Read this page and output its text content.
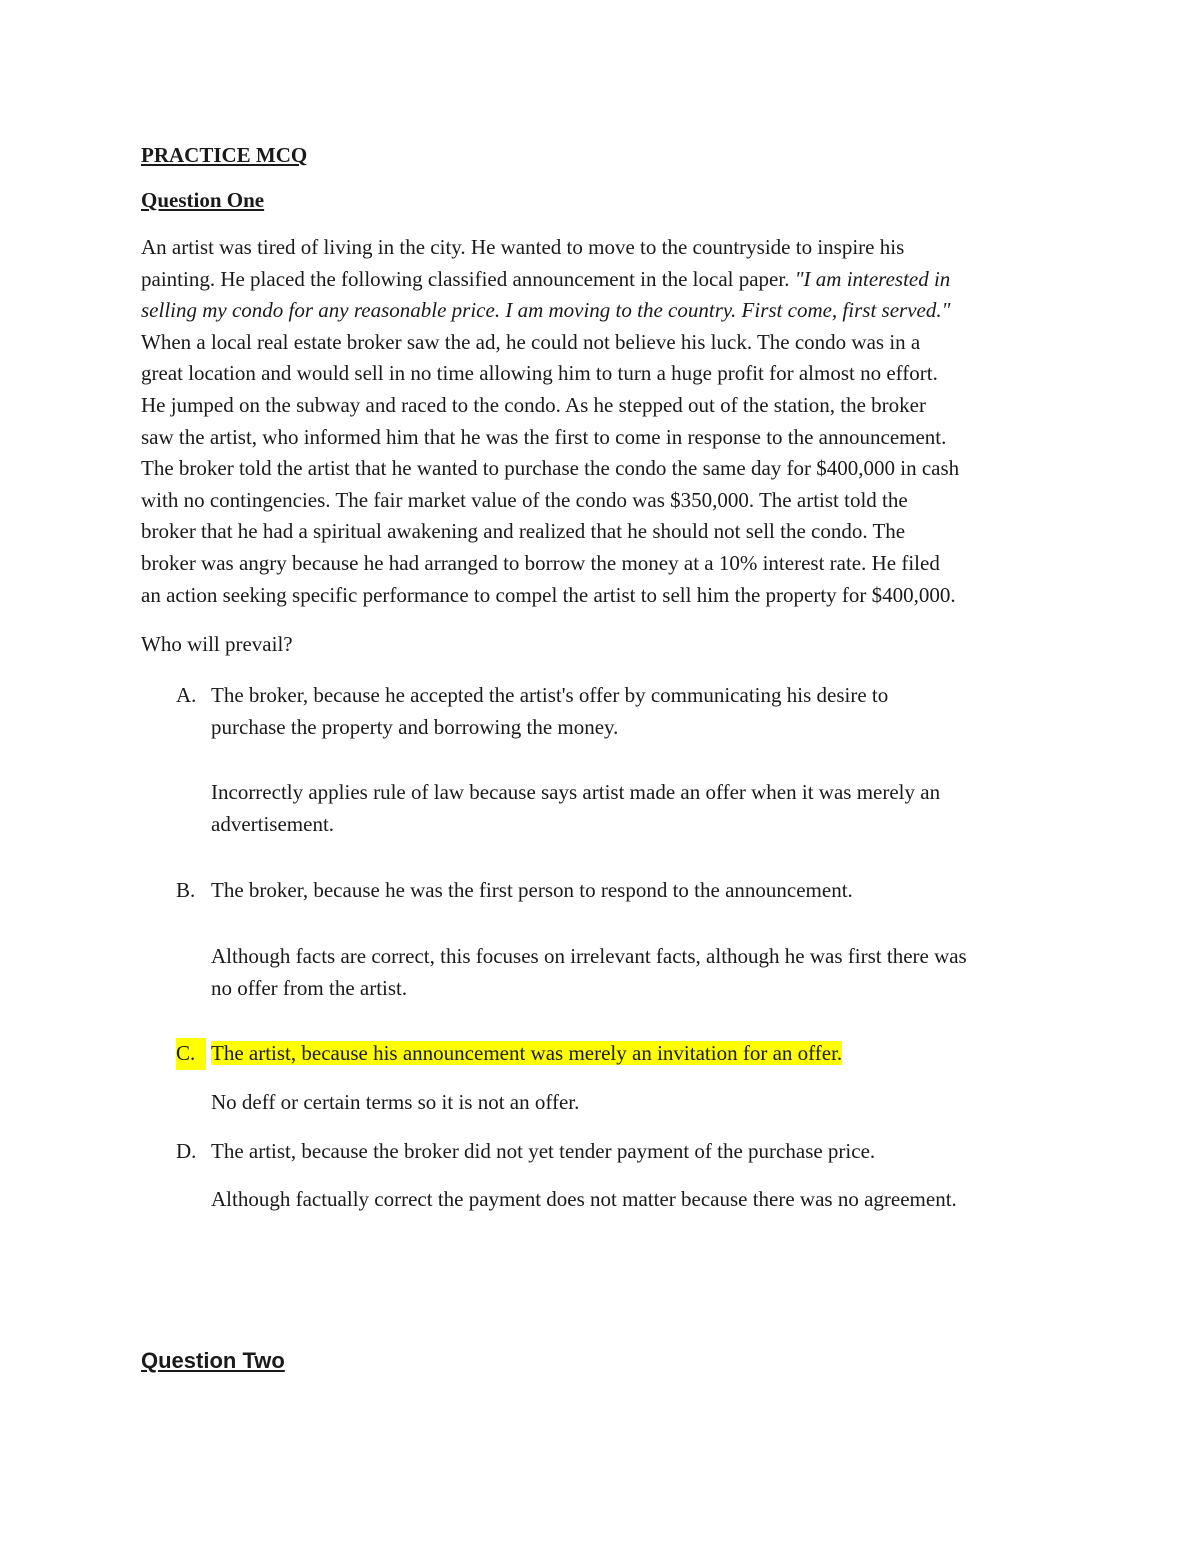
PRACTICE MCQ
Question One
An artist was tired of living in the city. He wanted to move to the countryside to inspire his
painting. He placed the following classified announcement in the local paper. "I am interested in
selling my condo for any reasonable price. I am moving to the country. First come, first served."
When a local real estate broker saw the ad, he could not believe his luck. The condo was in a
great location and would sell in no time allowing him to turn a huge profit for almost no effort.
He jumped on the subway and raced to the condo. As he stepped out of the station, the broker
saw the artist, who informed him that he was the first to come in response to the announcement.
The broker told the artist that he wanted to purchase the condo the same day for $400,000 in cash
with no contingencies. The fair market value of the condo was $350,000. The artist told the
broker that he had a spiritual awakening and realized that he should not sell the condo. The
broker was angry because he had arranged to borrow the money at a 10% interest rate. He filed
an action seeking specific performance to compel the artist to sell him the property for $400,000.
Who will prevail?
A. The broker, because he accepted the artist's offer by communicating his desire to
purchase the property and borrowing the money.
Incorrectly applies rule of law because says artist made an offer when it was merely an
advertisement.
B. The broker, because he was the first person to respond to the announcement.
Although facts are correct, this focuses on irrelevant facts, although he was first there was
no offer from the artist.
C. The artist, because his announcement was merely an invitation for an offer.
No deff or certain terms so it is not an offer.
D. The artist, because the broker did not yet tender payment of the purchase price.
Although factually correct the payment does not matter because there was no agreement.
Question Two
